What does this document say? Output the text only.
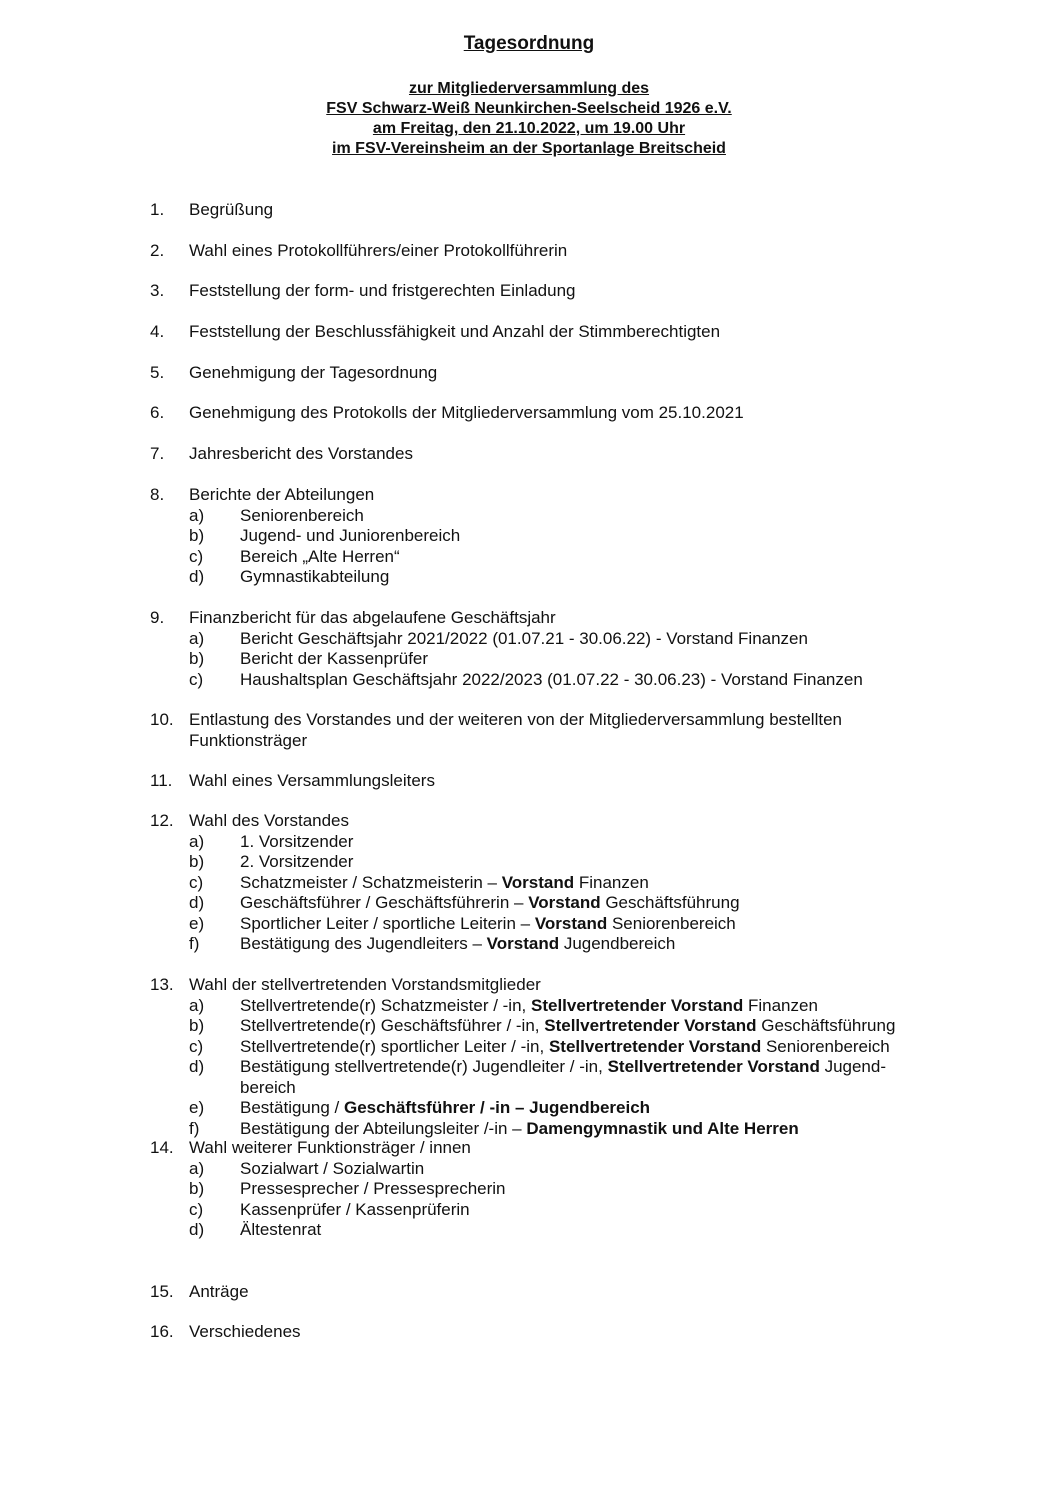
Tagesordnung
zur Mitgliederversammlung des
FSV Schwarz-Weiß Neunkirchen-Seelscheid 1926 e.V.
am Freitag, den 21.10.2022, um 19.00 Uhr
im FSV-Vereinsheim an der Sportanlage Breitscheid
1. Begrüßung
2. Wahl eines Protokollführers/einer Protokollführerin
3. Feststellung der form- und fristgerechten Einladung
4. Feststellung der Beschlussfähigkeit und Anzahl der Stimmberechtigten
5. Genehmigung der Tagesordnung
6. Genehmigung des Protokolls der Mitgliederversammlung vom 25.10.2021
7. Jahresbericht des Vorstandes
8. Berichte der Abteilungen
a) Seniorenbereich
b) Jugend- und Juniorenbereich
c) Bereich „Alte Herren“
d) Gymnastikabteilung
9. Finanzbericht für das abgelaufene Geschäftsjahr
a) Bericht Geschäftsjahr 2021/2022 (01.07.21 - 30.06.22) - Vorstand Finanzen
b) Bericht der Kassenprüfer
c) Haushaltsplan Geschäftsjahr 2022/2023 (01.07.22 - 30.06.23) - Vorstand Finanzen
10. Entlastung des Vorstandes und der weiteren von der Mitgliederversammlung bestellten Funktionsträger
11. Wahl eines Versammlungsleiters
12. Wahl des Vorstandes
a) 1. Vorsitzender
b) 2. Vorsitzender
c) Schatzmeister / Schatzmeisterin – Vorstand Finanzen
d) Geschäftsführer / Geschäftsführerin – Vorstand Geschäftsführung
e) Sportlicher Leiter / sportliche Leiterin – Vorstand Seniorenbereich
f) Bestätigung des Jugendleiters – Vorstand Jugendbereich
13. Wahl der stellvertretenden Vorstandsmitglieder
a) Stellvertretende(r) Schatzmeister / -in, Stellvertretender Vorstand Finanzen
b) Stellvertretende(r) Geschäftsführer / -in, Stellvertretender Vorstand Geschäftsführung
c) Stellvertretende(r) sportlicher Leiter / -in, Stellvertretender Vorstand Seniorenbereich
d) Bestätigung stellvertretende(r) Jugendleiter / -in, Stellvertretender Vorstand Jugend-bereich
e) Bestätigung / Geschäftsführer / -in – Jugendbereich
f) Bestätigung der Abteilungsleiter /-in – Damengymnastik und Alte Herren
14. Wahl weiterer Funktionsträger / innen
a) Sozialwart / Sozialwartin
b) Pressesprecher / Pressesprecherin
c) Kassenprüfer / Kassenprüferin
d) Ältestenrat
15. Anträge
16. Verschiedenes
